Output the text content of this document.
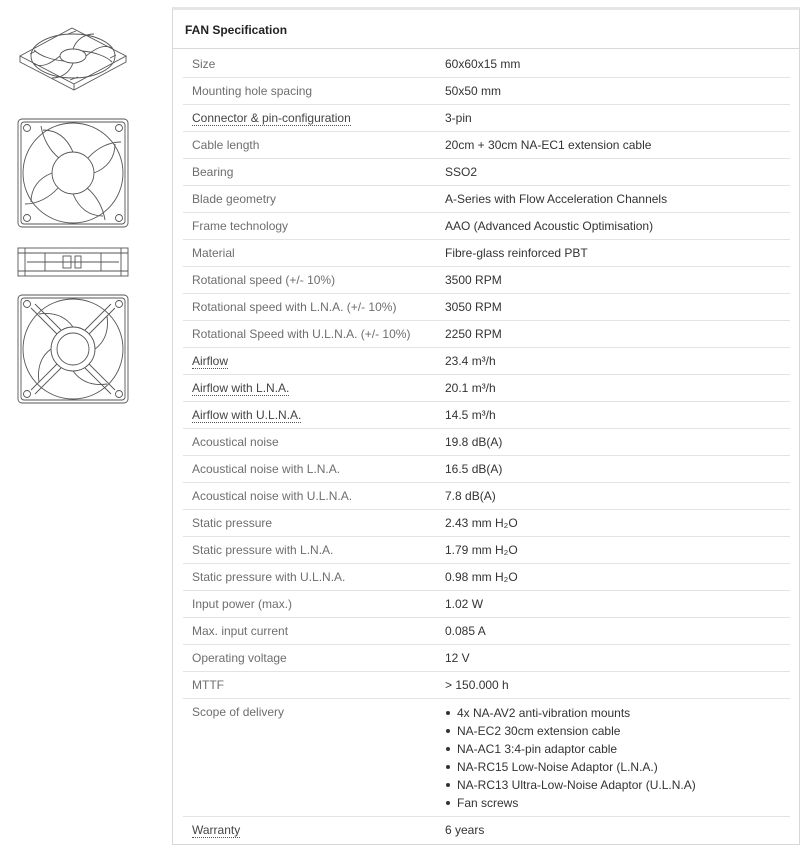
FAN Specification
Size	60x60x15 mm
Mounting hole spacing	50x50 mm
Connector & pin-configuration	3-pin
Cable length	20cm + 30cm NA-EC1 extension cable
Bearing	SSO2
Blade geometry	A-Series with Flow Acceleration Channels
Frame technology	AAO (Advanced Acoustic Optimisation)
Material	Fibre-glass reinforced PBT
Rotational speed (+/- 10%)	3500 RPM
Rotational speed with L.N.A. (+/- 10%)	3050 RPM
Rotational Speed with U.L.N.A. (+/- 10%)	2250 RPM
Airflow	23.4 m³/h
Airflow with L.N.A.	20.1 m³/h
Airflow with U.L.N.A.	14.5 m³/h
Acoustical noise	19.8 dB(A)
Acoustical noise with L.N.A.	16.5 dB(A)
Acoustical noise with U.L.N.A.	7.8 dB(A)
Static pressure	2.43 mm H₂O
Static pressure with L.N.A.	1.79 mm H₂O
Static pressure with U.L.N.A.	0.98 mm H₂O
Input power (max.)	1.02 W
Max. input current	0.085 A
Operating voltage	12 V
MTTF	> 150.000 h
Scope of delivery	4x NA-AV2 anti-vibration mounts
NA-EC2 30cm extension cable
NA-AC1 3:4-pin adaptor cable
NA-RC15 Low-Noise Adaptor (L.N.A.)
NA-RC13 Ultra-Low-Noise Adaptor (U.L.N.A)
Fan screws
Warranty	6 years
